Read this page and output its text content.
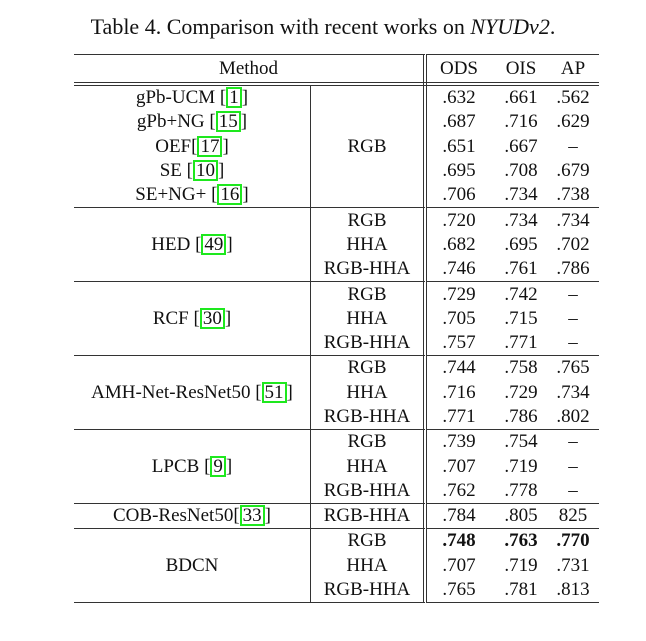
Table 4. Comparison with recent works on NYUDv2.
Method		ODS	OIS	AP
gPb-UCM [ 1 ]	RGB	.632	.661	.562
gPb+NG [ 15 ]		.687	.716	.629
OEF[ 17 ]		.651	.667	–
SE [ 10 ]		.695	.708	.679
SE+NG+ [ 16 ]		.706	.734	.738
HED [ 49 ]	RGB	.720	.734	.734
	HHA	.682	.695	.702
	RGB-HHA	.746	.761	.786
RCF [ 30 ]	RGB	.729	.742	–
	HHA	.705	.715	–
	RGB-HHA	.757	.771	–
AMH-Net-ResNet50 [ 51 ]	RGB	.744	.758	.765
	HHA	.716	.729	.734
	RGB-HHA	.771	.786	.802
LPCB [ 9 ]	RGB	.739	.754	–
	HHA	.707	.719	–
	RGB-HHA	.762	.778	–
COB-ResNet50[ 33 ]	RGB-HHA	.784	.805	825
BDCN	RGB	.748	.763	.770
	HHA	.707	.719	.731
	RGB-HHA	.765	.781	.813
